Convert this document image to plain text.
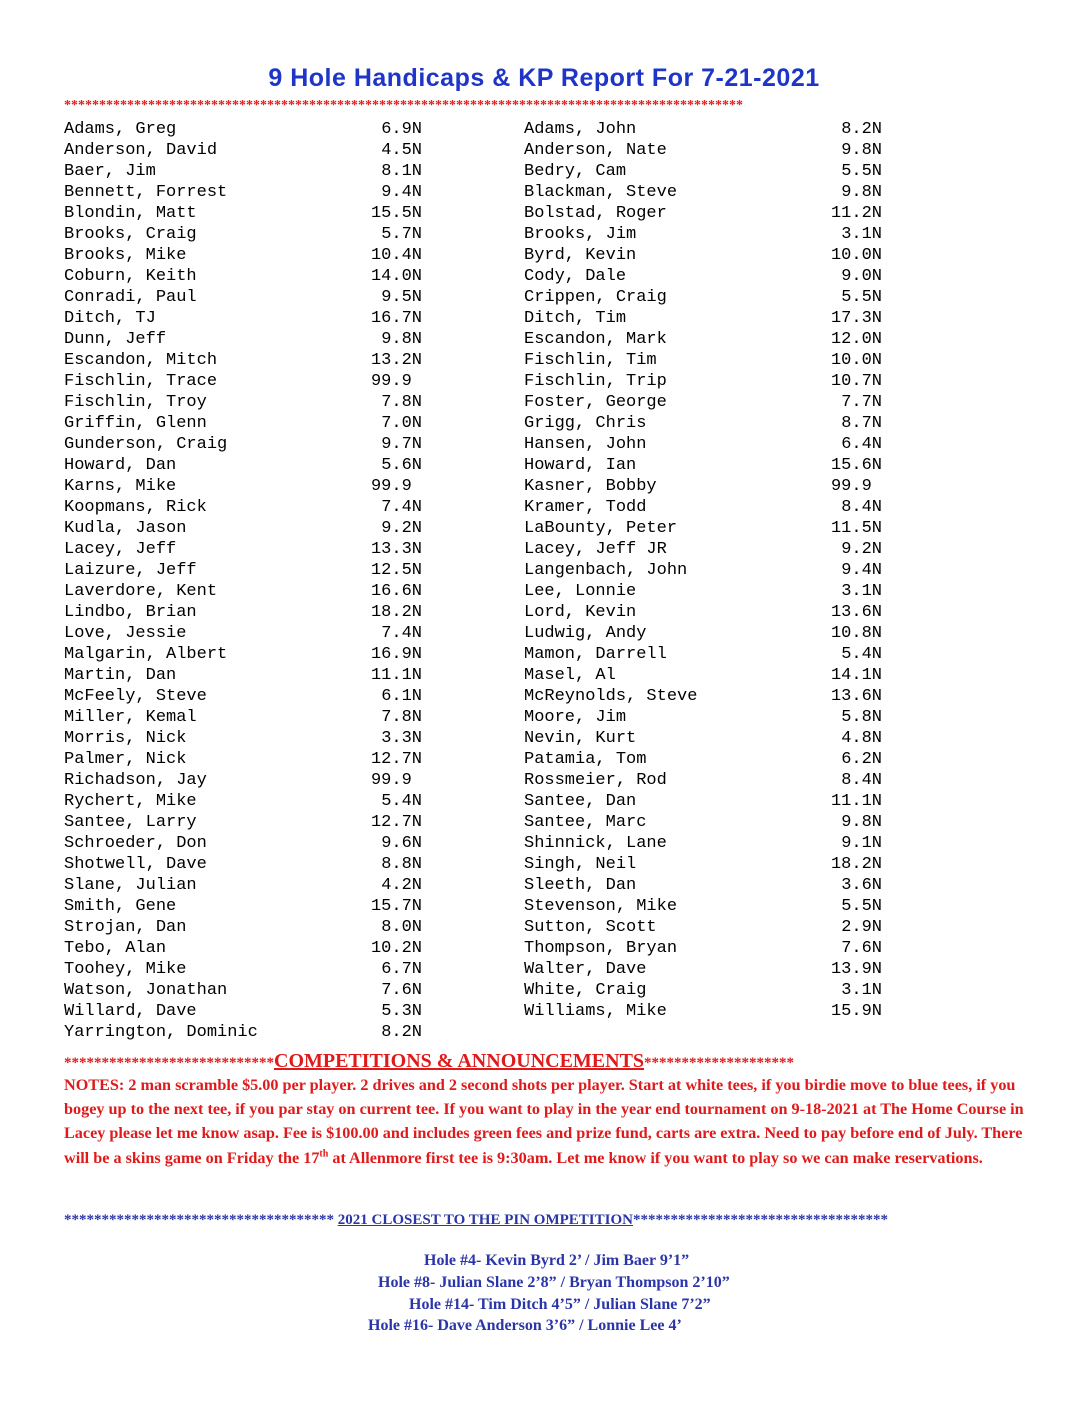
9 Hole Handicaps & KP Report For 7-21-2021
*************************************************************************************************
Adams, Greg	6.9N
Anderson, David	4.5N
Baer, Jim	8.1N
Bennett, Forrest	9.4N
Blondin, Matt	15.5N
Brooks, Craig	5.7N
Brooks, Mike	10.4N
Coburn, Keith	14.0N
Conradi, Paul	9.5N
Ditch, TJ	16.7N
Dunn, Jeff	9.8N
Escandon, Mitch	13.2N
Fischlin, Trace	99.9
Fischlin, Troy	7.8N
Griffin, Glenn	7.0N
Gunderson, Craig	9.7N
Howard, Dan	5.6N
Karns, Mike	99.9
Koopmans, Rick	7.4N
Kudla, Jason	9.2N
Lacey, Jeff	13.3N
Laizure, Jeff	12.5N
Laverdore, Kent	16.6N
Lindbo, Brian	18.2N
Love, Jessie	7.4N
Malgarin, Albert	16.9N
Martin, Dan	11.1N
McFeely, Steve	6.1N
Miller, Kemal	7.8N
Morris, Nick	3.3N
Palmer, Nick	12.7N
Richadson, Jay	99.9
Rychert, Mike	5.4N
Santee, Larry	12.7N
Schroeder, Don	9.6N
Shotwell, Dave	8.8N
Slane, Julian	4.2N
Smith, Gene	15.7N
Strojan, Dan	8.0N
Tebo, Alan	10.2N
Toohey, Mike	6.7N
Watson, Jonathan	7.6N
Willard, Dave	5.3N
Yarrington, Dominic	8.2N
Adams, John	8.2N
Anderson, Nate	9.8N
Bedry, Cam	5.5N
Blackman, Steve	9.8N
Bolstad, Roger	11.2N
Brooks, Jim	3.1N
Byrd, Kevin	10.0N
Cody, Dale	9.0N
Crippen, Craig	5.5N
Ditch, Tim	17.3N
Escandon, Mark	12.0N
Fischlin, Tim	10.0N
Fischlin, Trip	10.7N
Foster, George	7.7N
Grigg, Chris	8.7N
Hansen, John	6.4N
Howard, Ian	15.6N
Kasner, Bobby	99.9
Kramer, Todd	8.4N
LaBounty, Peter	11.5N
Lacey, Jeff JR	9.2N
Langenbach, John	9.4N
Lee, Lonnie	3.1N
Lord, Kevin	13.6N
Ludwig, Andy	10.8N
Mamon, Darrell	5.4N
Masel, Al	14.1N
McReynolds, Steve	13.6N
Moore, Jim	5.8N
Nevin, Kurt	4.8N
Patamia, Tom	6.2N
Rossmeier, Rod	8.4N
Santee, Dan	11.1N
Santee, Marc	9.8N
Shinnick, Lane	9.1N
Singh, Neil	18.2N
Sleeth, Dan	3.6N
Stevenson, Mike	5.5N
Sutton, Scott	2.9N
Thompson, Bryan	7.6N
Walter, Dave	13.9N
White, Craig	3.1N
Williams, Mike	15.9N
****************************COMPETITIONS & ANNOUNCEMENTS********************
NOTES: 2 man scramble $5.00 per player. 2 drives and 2 second shots per player. Start at white tees, if you birdie move to blue tees, if you bogey up to the next tee, if you par stay on current tee. If you want to play in the year end tournament on 9-18-2021 at The Home Course in Lacey please let me know asap. Fee is $100.00 and includes green fees and prize fund, carts are extra. Need to pay before end of July. There will be a skins game on Friday the 17th at Allenmore first tee is 9:30am. Let me know if you want to play so we can make reservations.
************************************ 2021 CLOSEST TO THE PIN OMPETITION**********************************
Hole #4- Kevin Byrd 2’ / Jim Baer 9’1”
Hole #8- Julian Slane 2’8” / Bryan Thompson 2’10”
Hole #14- Tim Ditch 4’5” / Julian Slane 7’2”
Hole #16- Dave Anderson 3’6” / Lonnie Lee 4’
